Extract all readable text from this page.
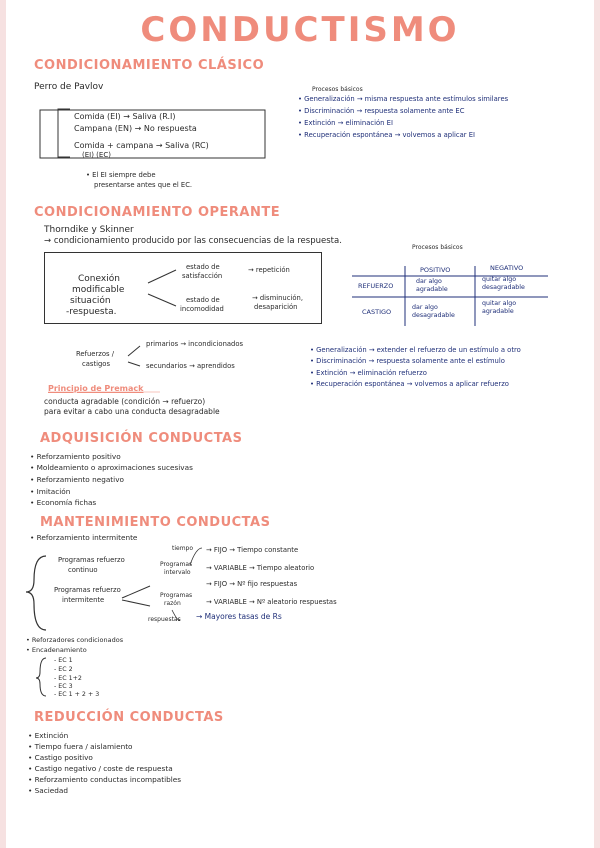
CONDUCTISMO
CONDICIONAMIENTO CLÁSICO
Perro de Pavlov
Comida (EI) → Saliva (R.I)
Campana (EN) → No respuesta
Comida + campana → Saliva (RC)
(EI) (EC)
• El EI siempre debe
presentarse antes que el EC.
Procesos básicos
• Generalización → misma respuesta ante estímulos similares
• Discriminación → respuesta solamente ante EC
• Extinción → eliminación EI
• Recuperación espontánea → volvemos a aplicar EI
CONDICIONAMIENTO OPERANTE
Thorndike y Skinner
→ condicionamiento producido por las consecuencias de la respuesta.
Conexión
modificable
situación
-respuesta.
estado de
satisfacción
→ repetición
estado de
incomodidad
→ disminución,
desaparición
Procesos básicos
POSITIVO	NEGATIVO
REFUERZO
dar algo agradable
quitar algo desagradable
CASTIGO
dar algo desagradable
quitar algo agradable
Refuerzos /
castigos
primarios → incondicionados
secundarios → aprendidos
• Generalización → extender el refuerzo de un estímulo a otro
• Discriminación → respuesta solamente ante el estímulo
• Extinción → eliminación refuerzo
• Recuperación espontánea → volvemos a aplicar refuerzo
Principio de Premack
conducta agradable (condición → refuerzo)
para evitar a cabo una conducta desagradable
ADQUISICIÓN CONDUCTAS
• Reforzamiento positivo
• Moldeamiento o aproximaciones sucesivas
• Reforzamiento negativo
• Imitación
• Economía fichas
MANTENIMIENTO CONDUCTAS
• Reforzamiento intermitente
Programas refuerzo
continuo
Programas refuerzo
intermitente
tiempo
Programas
intervalo
→ FIJO → Tiempo constante
→ VARIABLE → Tiempo aleatorio
Programas
razón
→ FIJO → Nº fijo respuestas
→ VARIABLE → Nº aleatorio respuestas
respuestas → Mayores tasas de Rs
• Reforzadores condicionados
• Encadenamiento
- EC 1
- EC 2
- EC 1+2
- EC 3
- EC 1 + 2 + 3
REDUCCIÓN CONDUCTAS
• Extinción
• Tiempo fuera / aislamiento
• Castigo positivo
• Castigo negativo / coste de respuesta
• Reforzamiento conductas incompatibles
• Saciedad
